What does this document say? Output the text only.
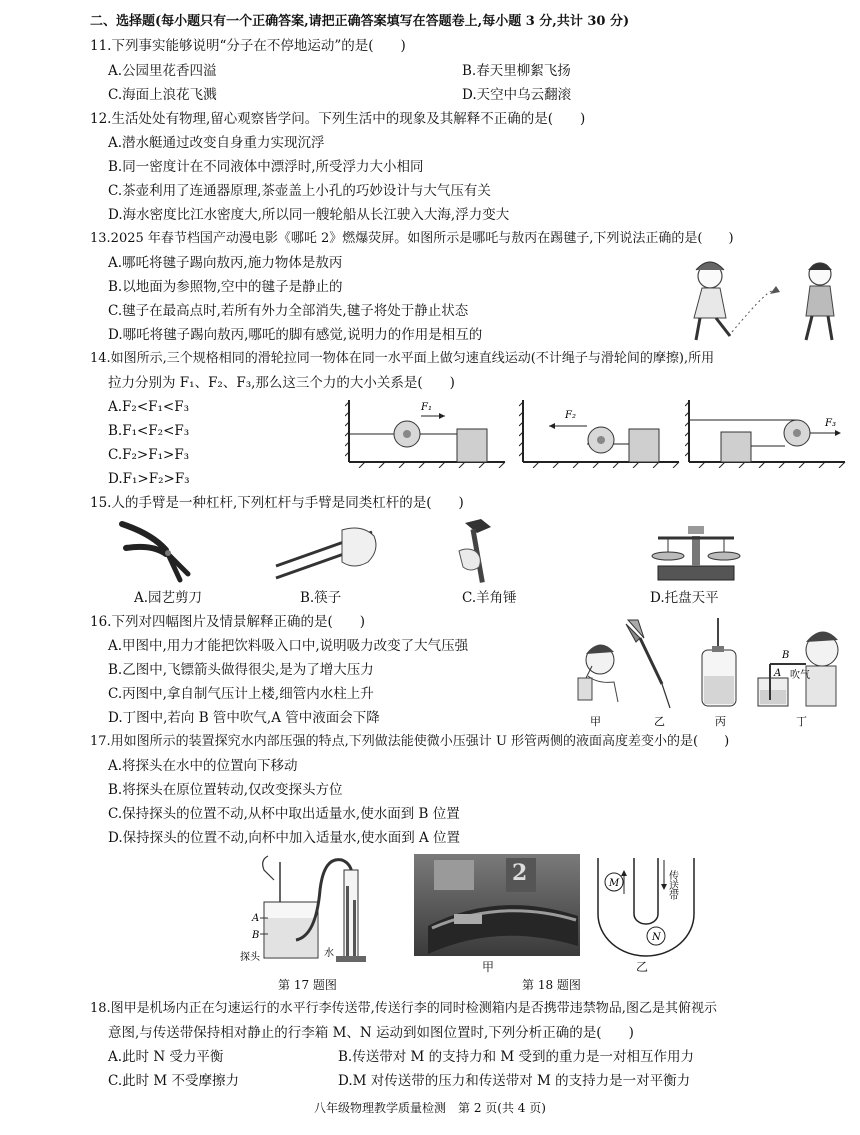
二、选择题(每小题只有一个正确答案,请把正确答案填写在答题卷上,每小题 3 分,共计 30 分)
11.下列事实能够说明“分子在不停地运动”的是(　　)
A.公园里花香四溢	B.春天里柳絮飞扬
C.海面上浪花飞溅	D.天空中乌云翻滚
12.生活处处有物理,留心观察皆学问。下列生活中的现象及其解释不正确的是(　　)
A.潜水艇通过改变自身重力实现沉浮
B.同一密度计在不同液体中漂浮时,所受浮力大小相同
C.茶壶利用了连通器原理,茶壶盖上小孔的巧妙设计与大气压有关
D.海水密度比江水密度大,所以同一艘轮船从长江驶入大海,浮力变大
13.2025 年春节档国产动漫电影《哪吒 2》燃爆荧屏。如图所示是哪吒与敖丙在踢毽子,下列说法正确的是(　　)
A.哪吒将毽子踢向敖丙,施力物体是敖丙
B.以地面为参照物,空中的毽子是静止的
C.毽子在最高点时,若所有外力全部消失,毽子将处于静止状态
D.哪吒将毽子踢向敖丙,哪吒的脚有感觉,说明力的作用是相互的
14.如图所示,三个规格相同的滑轮拉同一物体在同一水平面上做匀速直线运动(不计绳子与滑轮间的摩擦),所用
拉力分别为 F₁、F₂、F₃,那么这三个力的大小关系是(　　)
A.F₂<F₁<F₃
B.F₁<F₂<F₃
C.F₂>F₁>F₃
D.F₁>F₂>F₃
F₁
F₂
F₃
15.人的手臂是一种杠杆,下列杠杆与手臂是同类杠杆的是(　　)
A.园艺剪刀	B.筷子	C.羊角锤	D.托盘天平
16.下列对四幅图片及情景解释正确的是(　　)
A.甲图中,用力才能把饮料吸入口中,说明吸力改变了大气压强
B.乙图中,飞镖箭头做得很尖,是为了增大压力
C.丙图中,拿自制气压计上楼,细管内水柱上升
D.丁图中,若向 B 管中吹气,A 管中液面会下降
B
A 吹气
甲	乙	丙	丁
17.用如图所示的装置探究水内部压强的特点,下列做法能使微小压强计 U 形管两侧的液面高度差变小的是(　　)
A.将探头在水中的位置向下移动
B.将探头在原位置转动,仅改变探头方位
C.保持探头的位置不动,从杯中取出适量水,使水面到 B 位置
D.保持探头的位置不动,向杯中加入适量水,使水面到 A 位置
A
B
探头	水
第 17 题图
2
甲
M
N
传送带
乙
第 18 题图
18.图甲是机场内正在匀速运行的水平行李传送带,传送行李的同时检测箱内是否携带违禁物品,图乙是其俯视示
意图,与传送带保持相对静止的行李箱 M、N 运动到如图位置时,下列分析正确的是(　　)
A.此时 N 受力平衡	B.传送带对 M 的支持力和 M 受到的重力是一对相互作用力
C.此时 M 不受摩擦力	D.M 对传送带的压力和传送带对 M 的支持力是一对平衡力
八年级物理教学质量检测　第 2 页(共 4 页)
